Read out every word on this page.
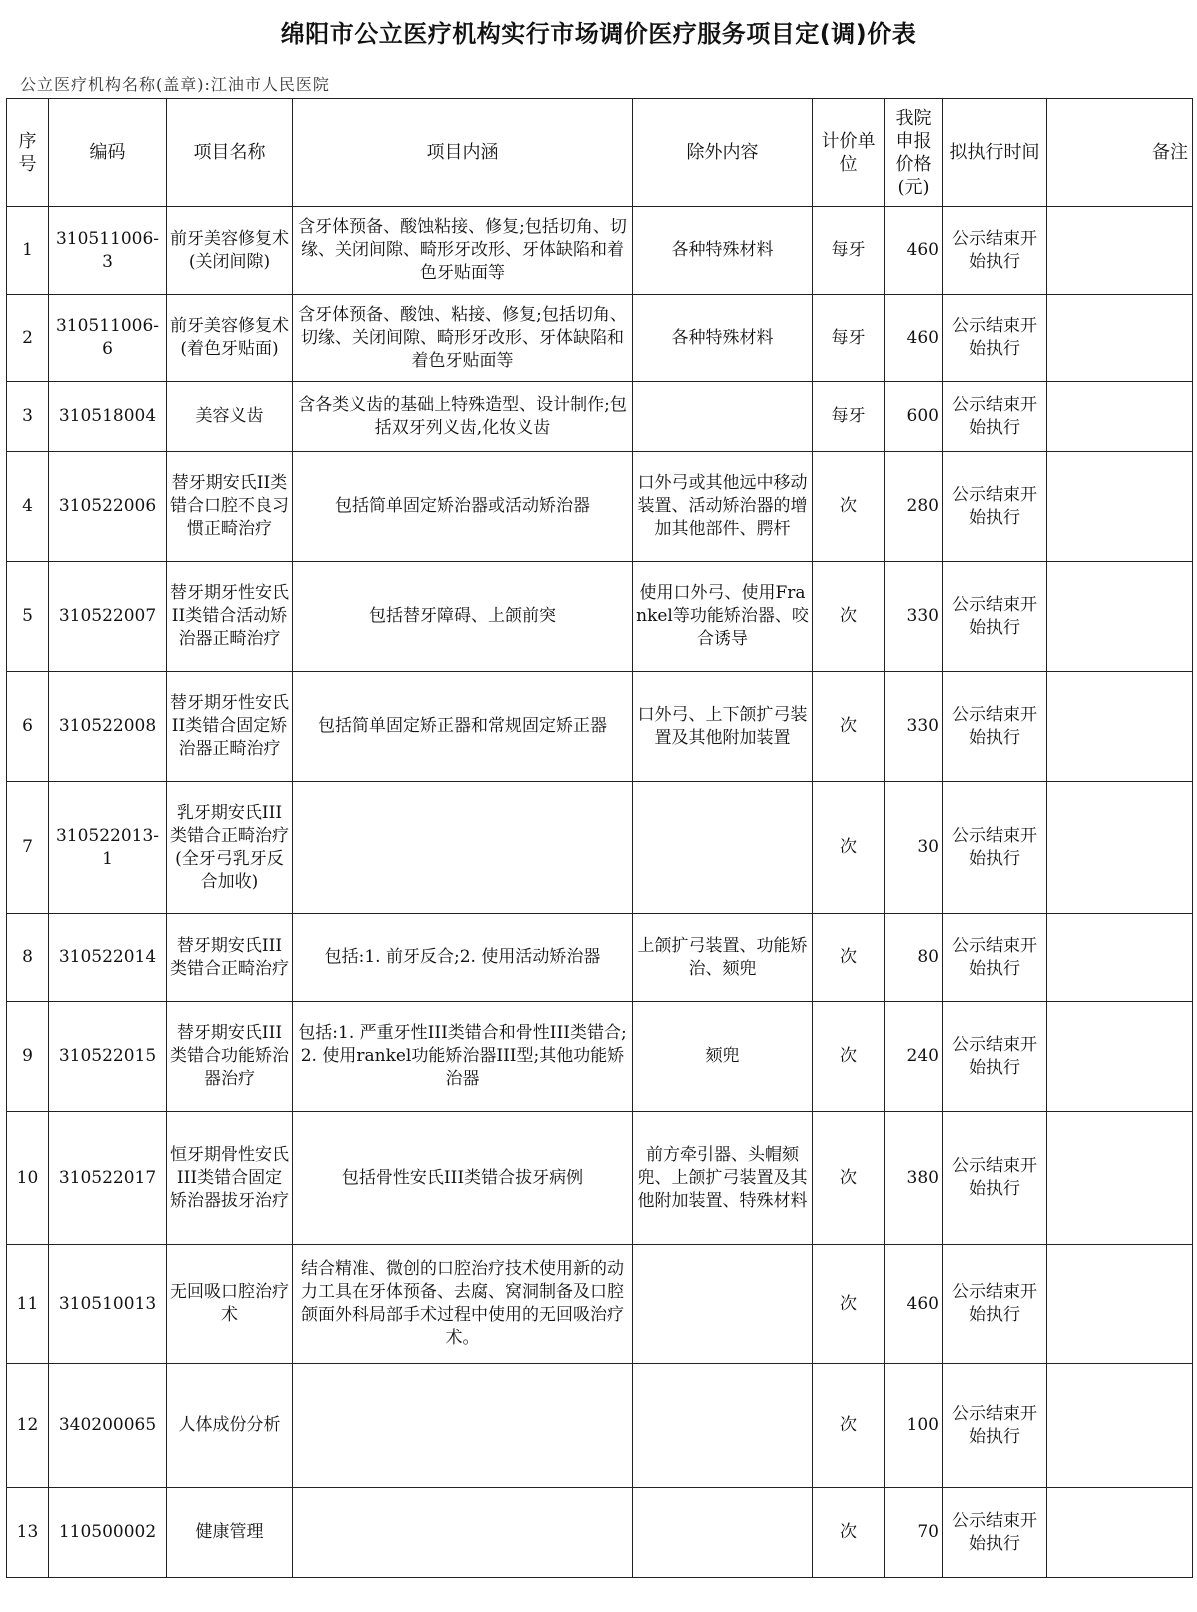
绵阳市公立医疗机构实行市场调价医疗服务项目定(调)价表
公立医疗机构名称(盖章):江油市人民医院
序号	编码	项目名称	项目内涵	除外内容	计价单位	我院申报价格(元)	拟执行时间	备注
1	310511006-3	前牙美容修复术(关闭间隙)	含牙体预备、酸蚀粘接、修复;包括切角、切缘、关闭间隙、畸形牙改形、牙体缺陷和着色牙贴面等	各种特殊材料	每牙	460	公示结束开始执行	
2	310511006-6	前牙美容修复术(着色牙贴面)	含牙体预备、酸蚀、粘接、修复;包括切角、切缘、关闭间隙、畸形牙改形、牙体缺陷和着色牙贴面等	各种特殊材料	每牙	460	公示结束开始执行	
3	310518004	美容义齿	含各类义齿的基础上特殊造型、设计制作;包括双牙列义齿,化妆义齿		每牙	600	公示结束开始执行	
4	310522006	替牙期安氏II类错合口腔不良习惯正畸治疗	包括简单固定矫治器或活动矫治器	口外弓或其他远中移动装置、活动矫治器的增加其他部件、腭杆	次	280	公示结束开始执行	
5	310522007	替牙期牙性安氏II类错合活动矫治器正畸治疗	包括替牙障碍、上颌前突	使用口外弓、使用Frankel等功能矫治器、咬合诱导	次	330	公示结束开始执行	
6	310522008	替牙期牙性安氏II类错合固定矫治器正畸治疗	包括简单固定矫正器和常规固定矫正器	口外弓、上下颌扩弓装置及其他附加装置	次	330	公示结束开始执行	
7	310522013-1	乳牙期安氏III类错合正畸治疗(全牙弓乳牙反合加收)			次	30	公示结束开始执行	
8	310522014	替牙期安氏III类错合正畸治疗	包括:1. 前牙反合;2. 使用活动矫治器	上颌扩弓装置、功能矫治、颏兜	次	80	公示结束开始执行	
9	310522015	替牙期安氏III类错合功能矫治器治疗	包括:1. 严重牙性III类错合和骨性III类错合;2. 使用rankel功能矫治器III型;其他功能矫治器	颏兜	次	240	公示结束开始执行	
10	310522017	恒牙期骨性安氏III类错合固定矫治器拔牙治疗	包括骨性安氏III类错合拔牙病例	前方牵引器、头帽颏兜、上颌扩弓装置及其他附加装置、特殊材料	次	380	公示结束开始执行	
11	310510013	无回吸口腔治疗术	结合精准、微创的口腔治疗技术使用新的动力工具在牙体预备、去腐、窝洞制备及口腔颌面外科局部手术过程中使用的无回吸治疗术。		次	460	公示结束开始执行	
12	340200065	人体成份分析			次	100	公示结束开始执行	
13	110500002	健康管理			次	70	公示结束开始执行	
